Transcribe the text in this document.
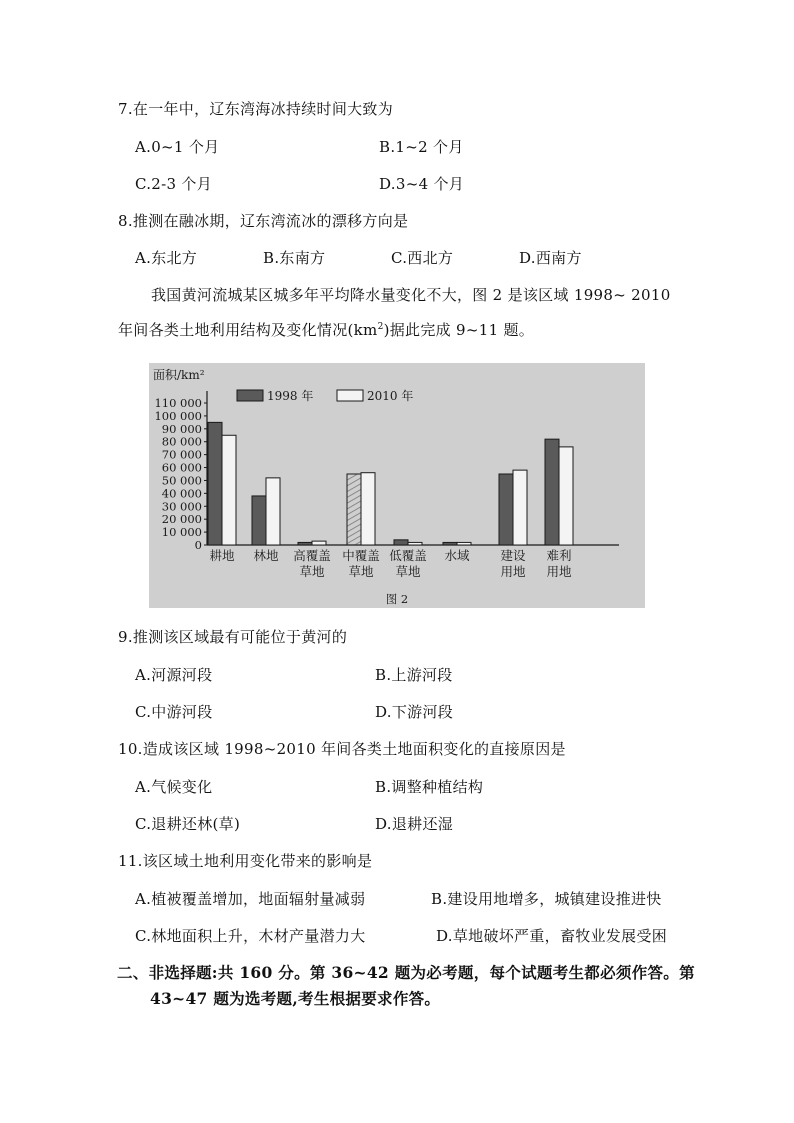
7.在一年中，辽东湾海冰持续时间大致为
A.0~1 个月	B.1~2 个月
C.2-3 个月	D.3~4 个月
8.推测在融冰期，辽东湾流冰的漂移方向是
A.东北方	B.东南方	C.西北方	D.西南方
我国黄河流城某区城多年平均降水量变化不大，图 2 是该区域 1998~ 2010
年间各类土地利用结构及变化情况$(km^2)$据此完成 9~11 题。
面积/km²
0
10 000
20 000
30 000
40 000
50 000
60 000
70 000
80 000
90 000
100 000
110 000	1998 年	2010 年
耕地 林地 高覆盖
草地
中覆盖
草地
低覆盖
草地
水域 建设
用地
难利
用地
图 2
9.推测该区域最有可能位于黄河的
A.河源河段	B.上游河段
C.中游河段	D.下游河段
10.造成该区域 1998~2010 年间各类土地面积变化的直接原因是
A.气候变化	B.调整种植结构
C.退耕还林(草)	D.退耕还湿
11.该区域土地利用变化带来的影响是
A.植被覆盖增加，地面辐射量减弱	B.建设用地增多，城镇建设推进快
C.林地面积上升，木材产量潜力大	D.草地破坏严重，畜牧业发展受困
二、非选择题:共 160 分。第 36~42 题为必考题，每个试题考生都必须作答。第
43~47 题为选考题,考生根据要求作答。
